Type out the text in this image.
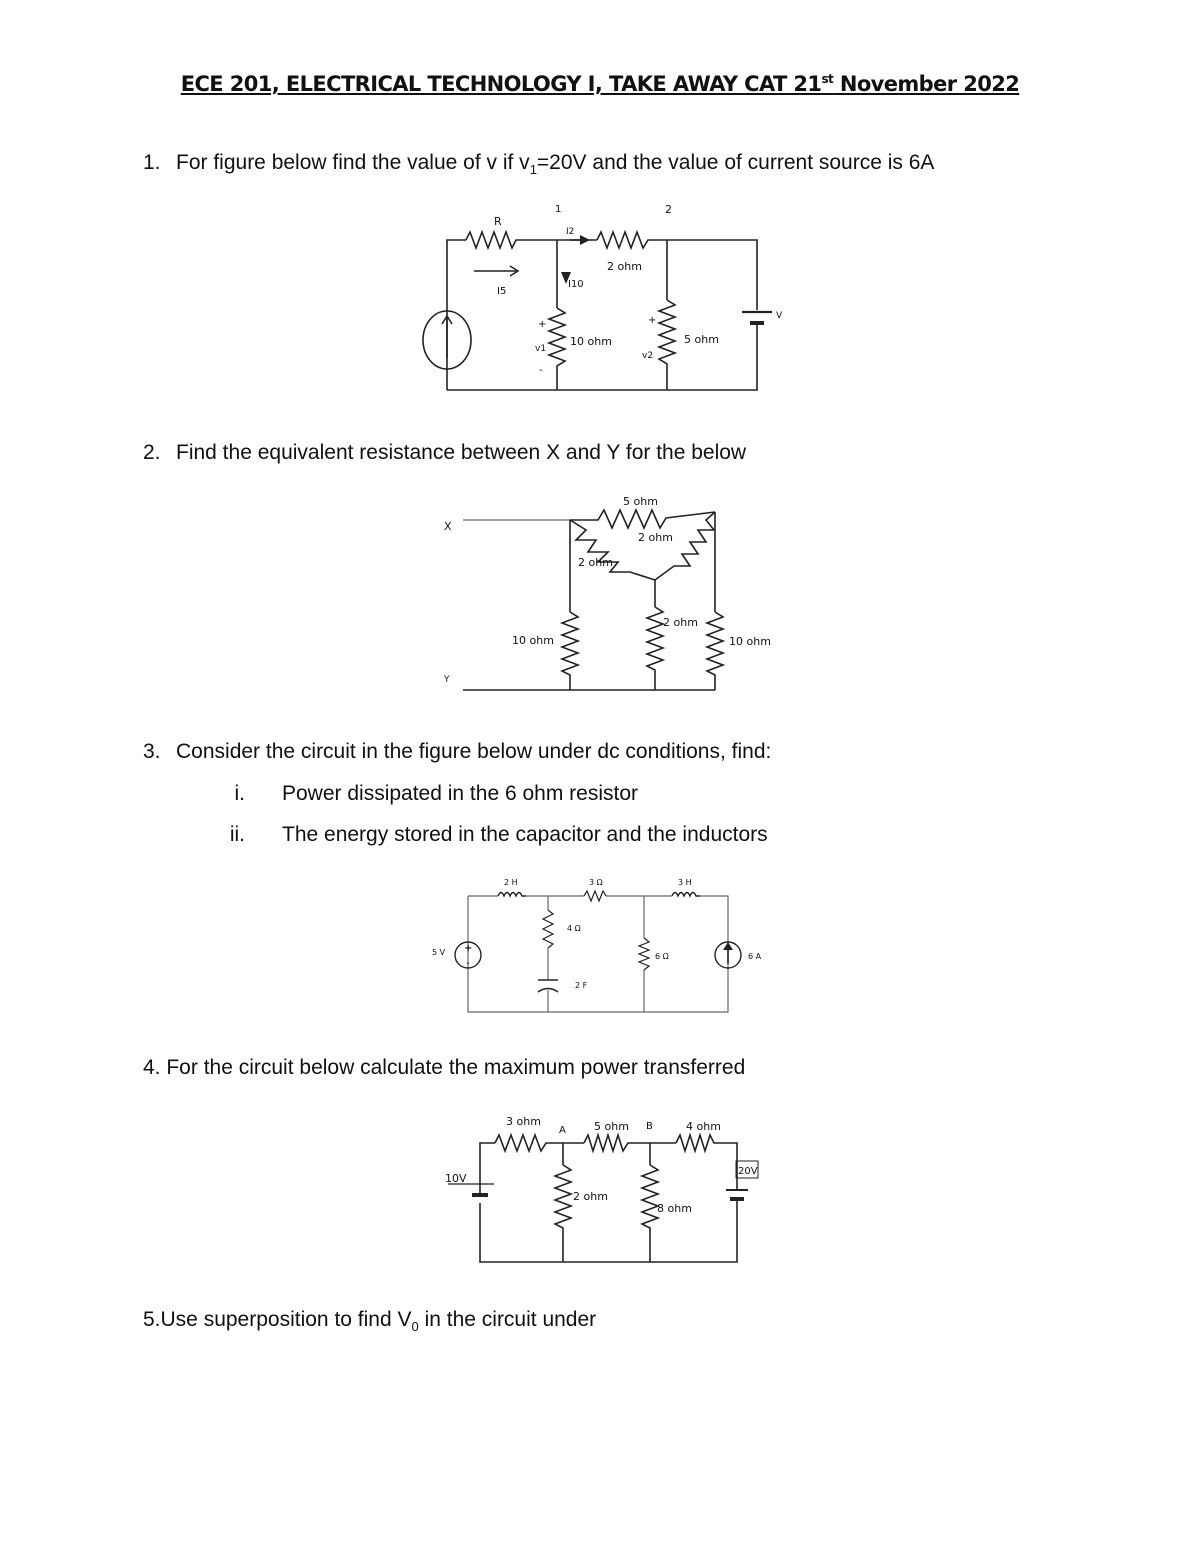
ECE 201, ELECTRICAL TECHNOLOGY I, TAKE AWAY CAT 21st November 2022
1. For figure below find the value of v if $v_1=20V$ and the value of current source is 6A
1	2
R
I2
I5
I10
2 ohm
10 ohm	5 ohm
v1
v2
V
+
-
+
2. Find the equivalent resistance between X and Y for the below
X
Y
5 ohm
2 ohm
2 ohm
10 ohm
2 ohm
10 ohm
3. Consider the circuit in the figure below under dc conditions, find:
i. Power dissipated in the 6 ohm resistor
ii. The energy stored in the capacitor and the inductors
+
-
2 H	3 Ω	3 H
4 Ω
2 F
6 Ω
5 V	6 A
4. For the circuit below calculate the maximum power transferred
3 ohm
A	5 ohm B	4 ohm
10V
20V
2 ohm
8 ohm
5.Use superposition to find $V_0$ in the circuit under
